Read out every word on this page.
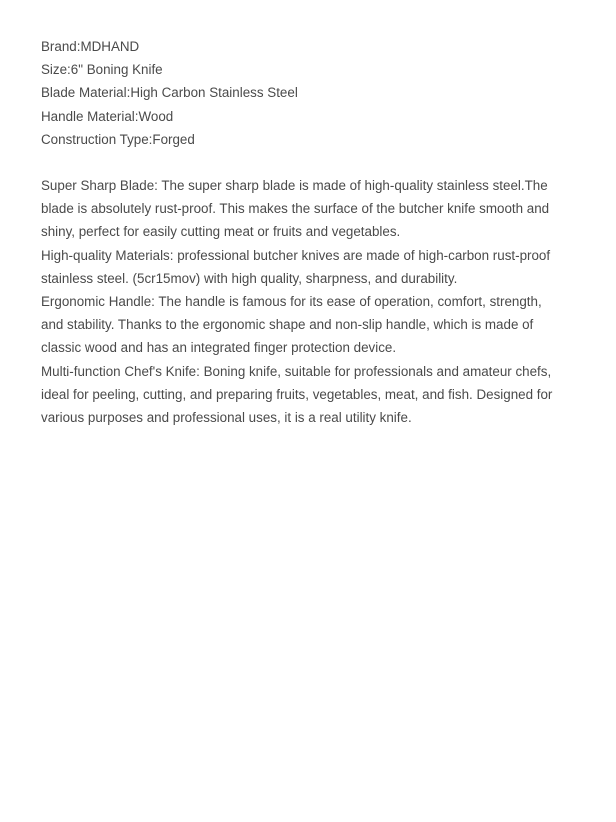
Brand:MDHAND
Size:6" Boning Knife
Blade Material:High Carbon Stainless Steel
Handle Material:Wood
Construction Type:Forged

Super Sharp Blade: The super sharp blade is made of high-quality stainless steel.The blade is absolutely rust-proof. This makes the surface of the butcher knife smooth and shiny, perfect for easily cutting meat or fruits and vegetables.

High-quality Materials: professional butcher knives are made of high-carbon rust-proof stainless steel. (5cr15mov) with high quality, sharpness, and durability.

Ergonomic Handle: The handle is famous for its ease of operation, comfort, strength, and stability. Thanks to the ergonomic shape and non-slip handle, which is made of classic wood and has an integrated finger protection device.

Multi-function Chef's Knife: Boning knife, suitable for professionals and amateur chefs, ideal for peeling, cutting, and preparing fruits, vegetables, meat, and fish. Designed for various purposes and professional uses, it is a real utility knife.
